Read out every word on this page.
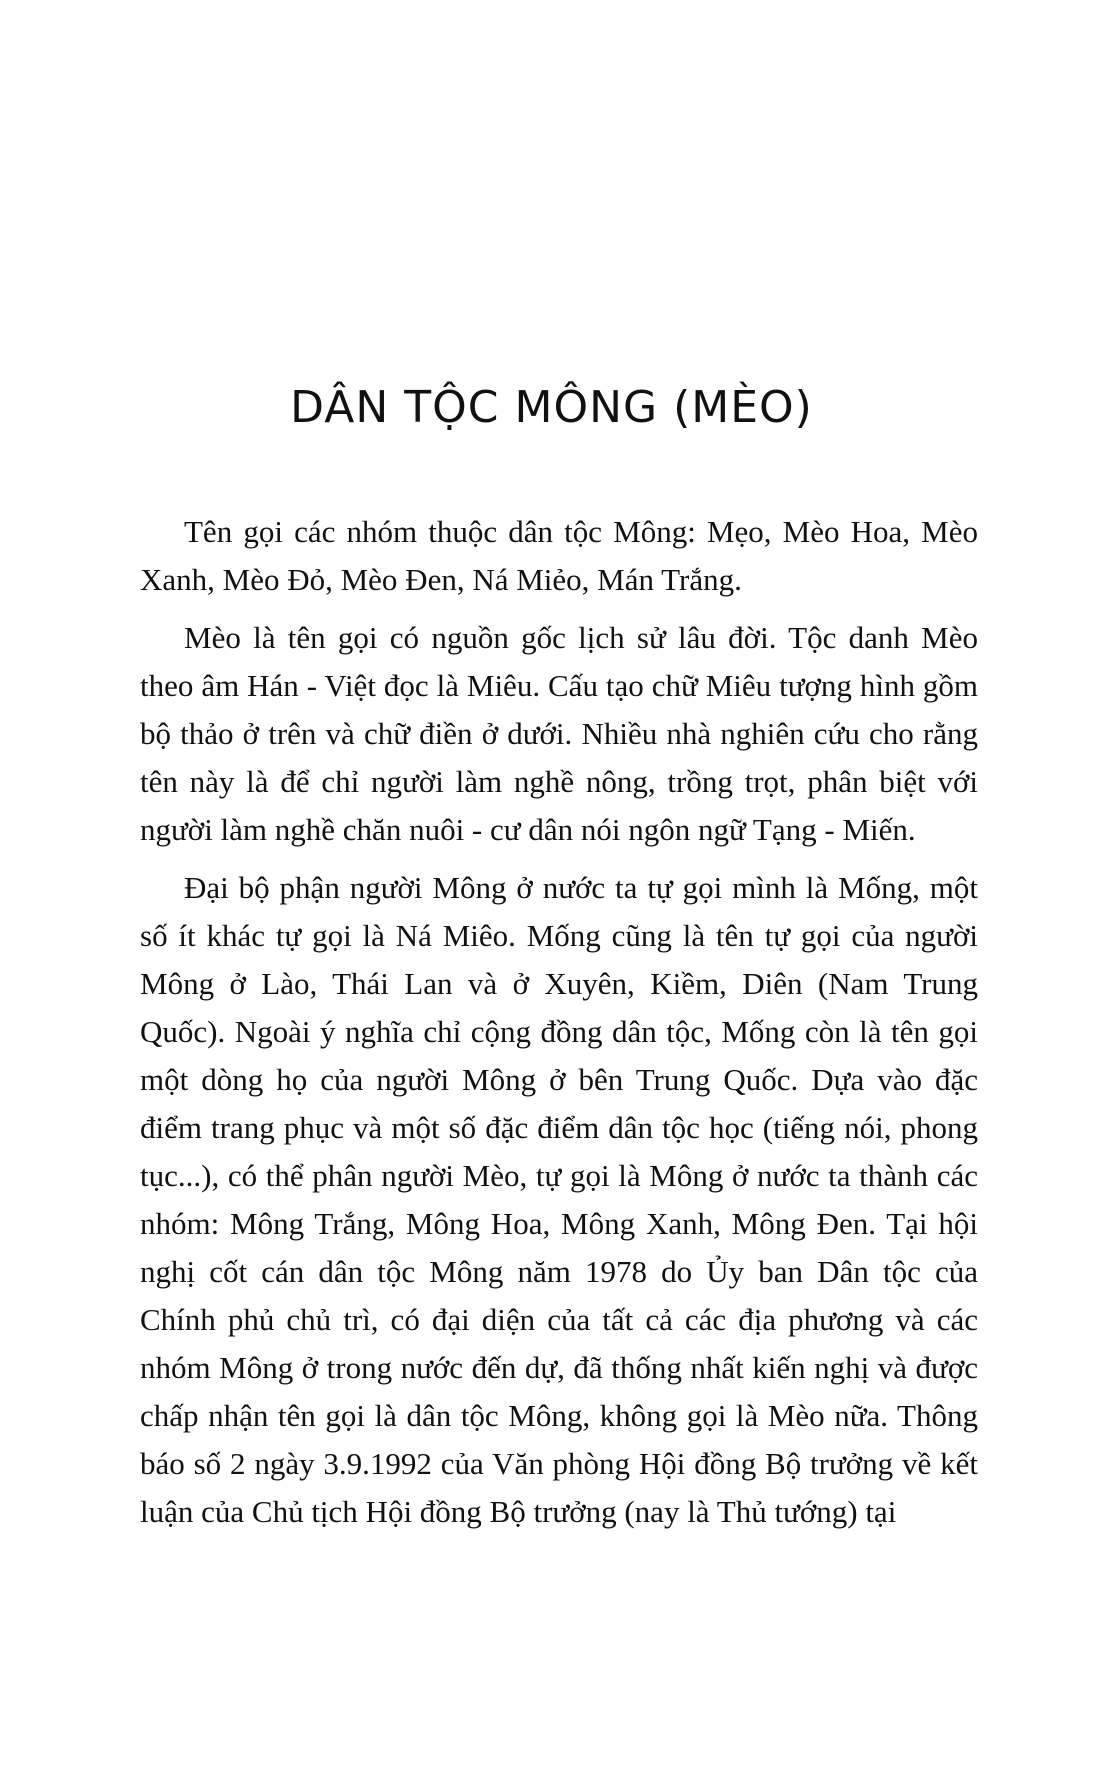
DÂN TỘC MÔNG (MÈO)

Tên gọi các nhóm thuộc dân tộc Mông: Mẹo, Mèo Hoa, Mèo Xanh, Mèo Đỏ, Mèo Đen, Ná Miẻo, Mán Trắng.

Mèo là tên gọi có nguồn gốc lịch sử lâu đời. Tộc danh Mèo theo âm Hán - Việt đọc là Miêu. Cấu tạo chữ Miêu tượng hình gồm bộ thảo ở trên và chữ điền ở dưới. Nhiều nhà nghiên cứu cho rằng tên này là để chỉ người làm nghề nông, trồng trọt, phân biệt với người làm nghề chăn nuôi - cư dân nói ngôn ngữ Tạng - Miến.

Đại bộ phận người Mông ở nước ta tự gọi mình là Mống, một số ít khác tự gọi là Ná Miêo. Mống cũng là tên tự gọi của người Mông ở Lào, Thái Lan và ở Xuyên, Kiềm, Diên (Nam Trung Quốc). Ngoài ý nghĩa chỉ cộng đồng dân tộc, Mống còn là tên gọi một dòng họ của người Mông ở bên Trung Quốc. Dựa vào đặc điểm trang phục và một số đặc điểm dân tộc học (tiếng nói, phong tục...), có thể phân người Mèo, tự gọi là Mông ở nước ta thành các nhóm: Mông Trắng, Mông Hoa, Mông Xanh, Mông Đen. Tại hội nghị cốt cán dân tộc Mông năm 1978 do Ủy ban Dân tộc của Chính phủ chủ trì, có đại diện của tất cả các địa phương và các nhóm Mông ở trong nước đến dự, đã thống nhất kiến nghị và được chấp nhận tên gọi là dân tộc Mông, không gọi là Mèo nữa. Thông báo số 2 ngày 3.9.1992 của Văn phòng Hội đồng Bộ trưởng về kết luận của Chủ tịch Hội đồng Bộ trưởng (nay là Thủ tướng) tại
